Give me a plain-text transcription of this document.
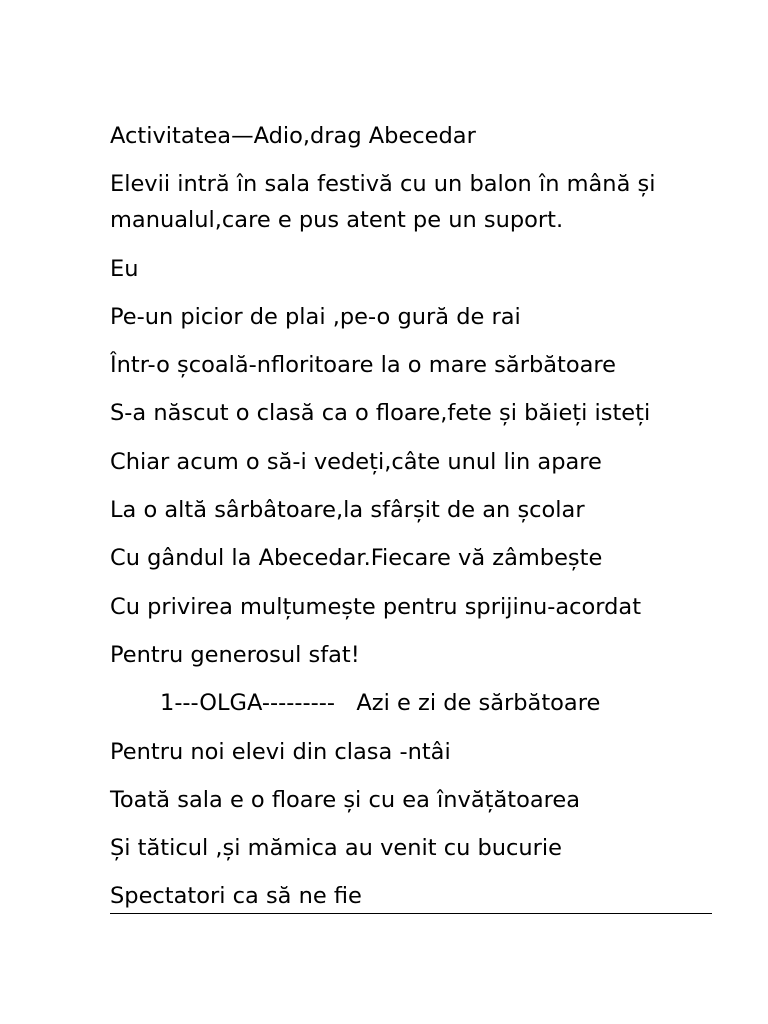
Activitatea—Adio,drag Abecedar
Elevii intră în sala festivă cu un balon în mână și manualul,care e pus atent pe un suport.
Eu
Pe-un picior de plai ,pe-o gură de rai
Într-o școală-nfloritoare la o mare sărbătoare
S-a născut o clasă ca o floare,fete și băieți isteți
Chiar acum o să-i vedeți,câte unul lin apare
La o altă sârbâtoare,la sfârșit de an școlar
Cu gândul la Abecedar.Fiecare vă zâmbește
Cu privirea mulțumește pentru sprijinu-acordat
Pentru generosul sfat!
1---OLGA---------   Azi e zi de sărbătoare
Pentru noi elevi din clasa -ntâi
Toată sala e o floare și cu ea învățătoarea
Și tăticul ,și mămica au venit cu bucurie
Spectatori ca să ne fie
